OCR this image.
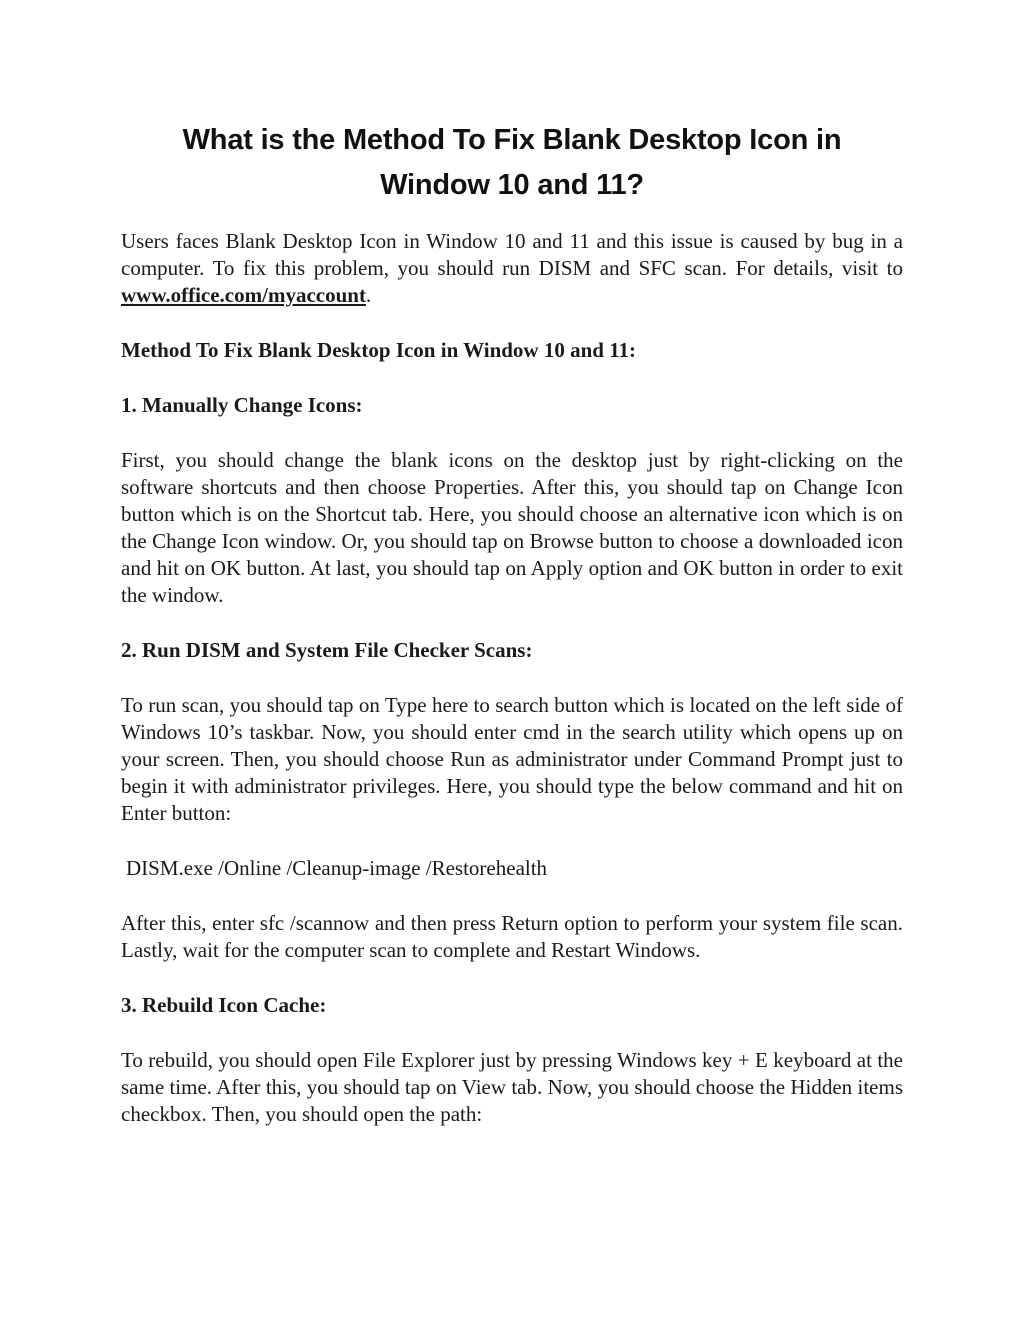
What is the Method To Fix Blank Desktop Icon in
Window 10 and 11?

Users faces Blank Desktop Icon in Window 10 and 11 and this issue is caused by bug in a computer. To fix this problem, you should run DISM and SFC scan. For details, visit to www.office.com/myaccount.

Method To Fix Blank Desktop Icon in Window 10 and 11:

1. Manually Change Icons:

First, you should change the blank icons on the desktop just by right-clicking on the software shortcuts and then choose Properties. After this, you should tap on Change Icon button which is on the Shortcut tab. Here, you should choose an alternative icon which is on the Change Icon window. Or, you should tap on Browse button to choose a downloaded icon and hit on OK button. At last, you should tap on Apply option and OK button in order to exit the window.

2. Run DISM and System File Checker Scans:

To run scan, you should tap on Type here to search button which is located on the left side of Windows 10’s taskbar. Now, you should enter cmd in the search utility which opens up on your screen. Then, you should choose Run as administrator under Command Prompt just to begin it with administrator privileges. Here, you should type the below command and hit on Enter button:

DISM.exe /Online /Cleanup-image /Restorehealth

After this, enter sfc /scannow and then press Return option to perform your system file scan. Lastly, wait for the computer scan to complete and Restart Windows.

3. Rebuild Icon Cache:

To rebuild, you should open File Explorer just by pressing Windows key + E keyboard at the same time. After this, you should tap on View tab. Now, you should choose the Hidden items checkbox. Then, you should open the path:
